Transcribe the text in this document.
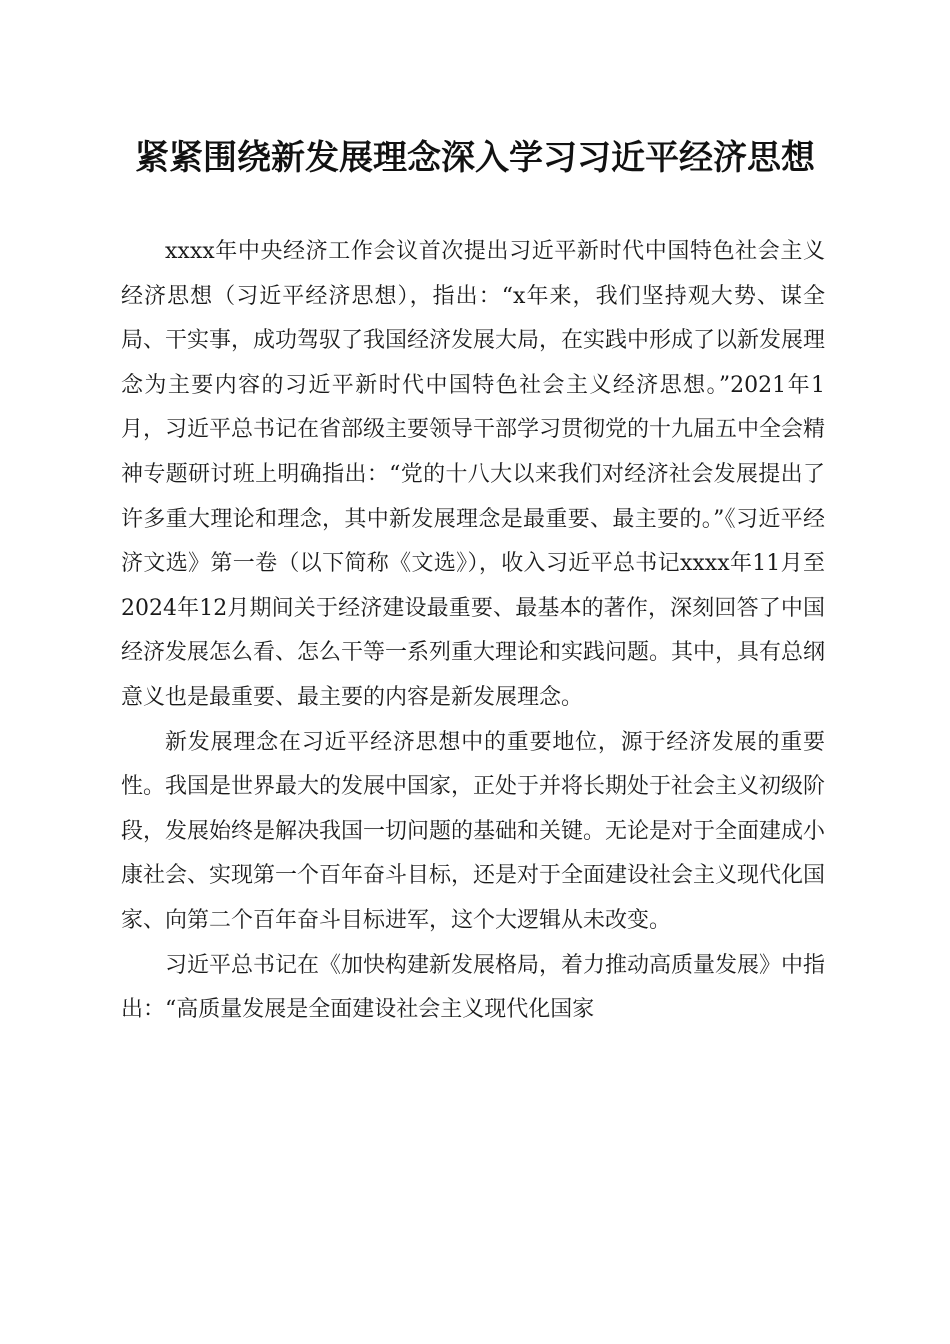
紧紧围绕新发展理念深入学习习近平经济思想

xxxx年中央经济工作会议首次提出习近平新时代中国特色社会主义经济思想（习近平经济思想），指出：“x年来，我们坚持观大势、谋全局、干实事，成功驾驭了我国经济发展大局，在实践中形成了以新发展理念为主要内容的习近平新时代中国特色社会主义经济思想。”2021年1月，习近平总书记在省部级主要领导干部学习贯彻党的十九届五中全会精神专题研讨班上明确指出：“党的十八大以来我们对经济社会发展提出了许多重大理论和理念，其中新发展理念是最重要、最主要的。”《习近平经济文选》第一卷（以下简称《文选》），收入习近平总书记xxxx年11月至2024年12月期间关于经济建设最重要、最基本的著作，深刻回答了中国经济发展怎么看、怎么干等一系列重大理论和实践问题。其中，具有总纲意义也是最重要、最主要的内容是新发展理念。

新发展理念在习近平经济思想中的重要地位，源于经济发展的重要性。我国是世界最大的发展中国家，正处于并将长期处于社会主义初级阶段，发展始终是解决我国一切问题的基础和关键。无论是对于全面建成小康社会、实现第一个百年奋斗目标，还是对于全面建设社会主义现代化国家、向第二个百年奋斗目标进军，这个大逻辑从未改变。

习近平总书记在《加快构建新发展格局，着力推动高质量发展》中指出：“高质量发展是全面建设社会主义现代化国家
